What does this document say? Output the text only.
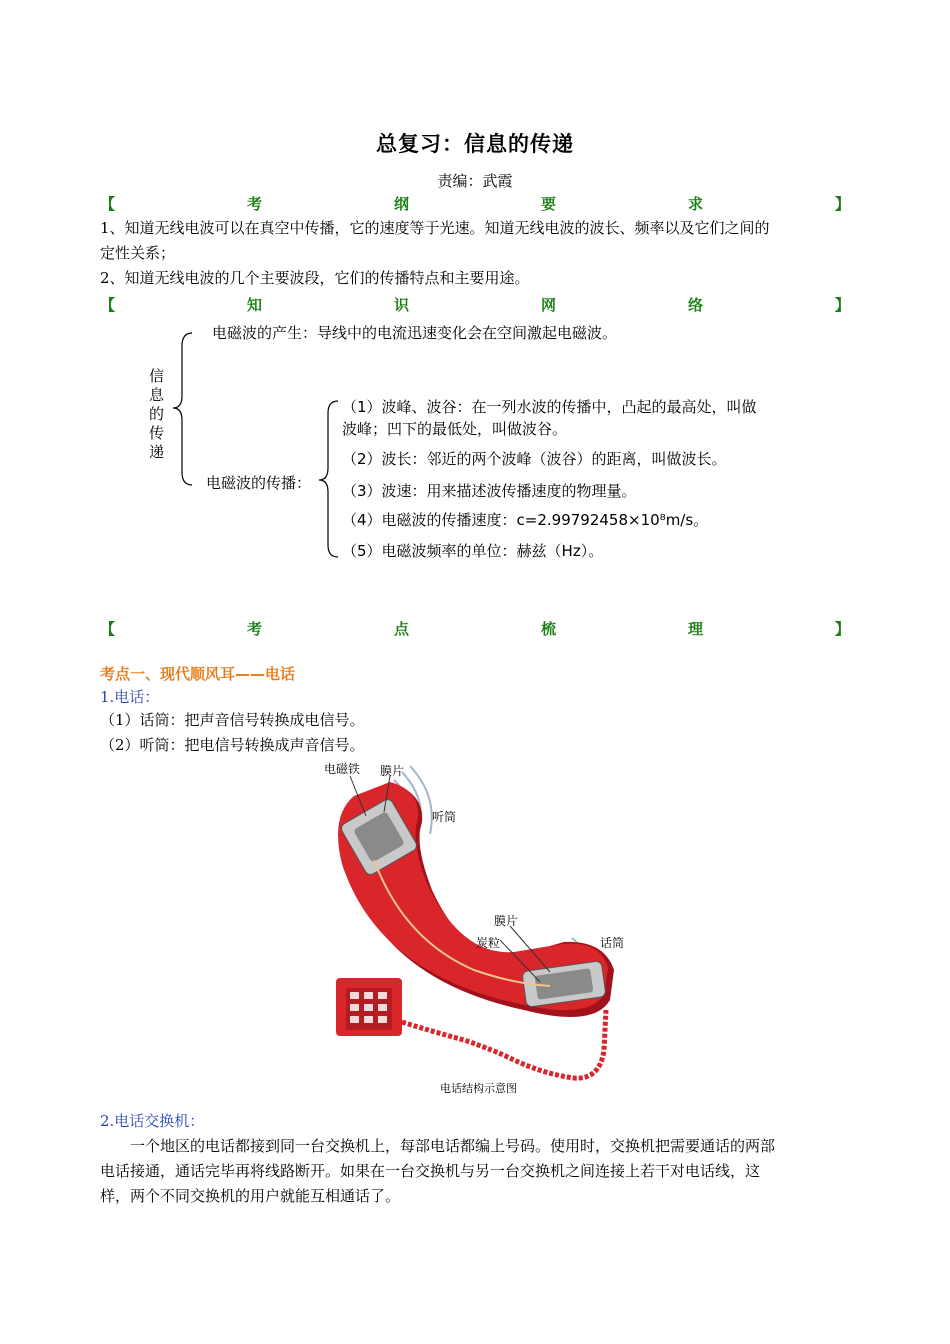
总复习：信息的传递
责编：武霞
【	考	纲	要	求	】
1、知道无线电波可以在真空中传播，它的速度等于光速。知道无线电波的波长、频率以及它们之间的
定性关系；
2、知道无线电波的几个主要波段，它们的传播特点和主要用途。
【	知	识	网	络	】
信息的传递
电磁波的产生：导线中的电流迅速变化会在空间激起电磁波。
电磁波的传播：
（1）波峰、波谷：在一列水波的传播中，凸起的最高处，叫做
波峰；凹下的最低处，叫做波谷。
（2）波长：邻近的两个波峰（波谷）的距离，叫做波长。
（3）波速：用来描述波传播速度的物理量。
（4）电磁波的传播速度：c=2.99792458×10⁸m/s。
（5）电磁波频率的单位：赫兹（Hz）。
【	考	点	梳	理	】
考点一、现代顺风耳——电话
1.电话：
（1）话筒：把声音信号转换成电信号。
（2）听筒：把电信号转换成声音信号。
电磁铁 膜片
听筒
膜片
炭粒	话筒
电话结构示意图
2.电话交换机：
一个地区的电话都接到同一台交换机上，每部电话都编上号码。使用时，交换机把需要通话的两部
电话接通，通话完毕再将线路断开。如果在一台交换机与另一台交换机之间连接上若干对电话线，这
样，两个不同交换机的用户就能互相通话了。
